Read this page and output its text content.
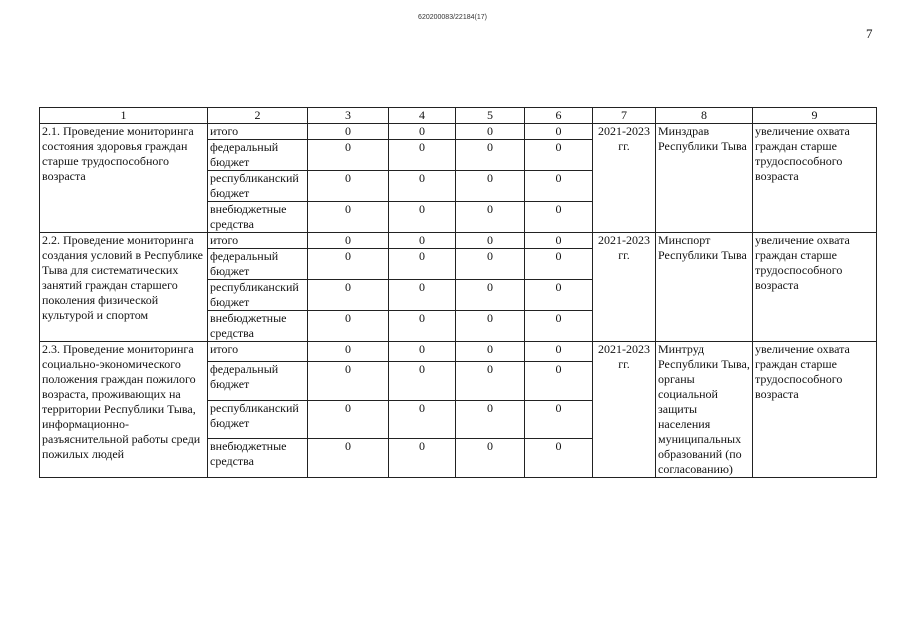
620200083/22184(17)
7
1	2	3	4	5	6	7	8	9
2.1. Проведение мониторинга состояния здоровья граждан старше трудоспособного возраста	итого	0	0	0	0	2021-2023 гг.	Минздрав Республики Тыва	увеличение охвата граждан старше трудоспособного возраста
	федеральный бюджет	0	0	0	0			
	республиканский бюджет	0	0	0	0			
	внебюджетные средства	0	0	0	0			
2.2. Проведение мониторинга создания условий в Республике Тыва для систематических занятий граждан старшего поколения физической культурой и спортом	итого	0	0	0	0	2021-2023 гг.	Минспорт Республики Тыва	увеличение охвата граждан старше трудоспособного возраста
	федеральный бюджет	0	0	0	0			
	республиканский бюджет	0	0	0	0			
	внебюджетные средства	0	0	0	0			
2.3. Проведение мониторинга социально-экономического положения граждан пожилого возраста, проживающих на территории Республики Тыва, информационно-разъяснительной работы среди пожилых людей	итого	0	0	0	0	2021-2023 гг.	Минтруд Республики Тыва, органы социальной защиты населения муниципальных образований (по согласованию)	увеличение охвата граждан старше трудоспособного возраста
	федеральный бюджет	0	0	0	0			
	республиканский бюджет	0	0	0	0			
	внебюджетные средства	0	0	0	0			
